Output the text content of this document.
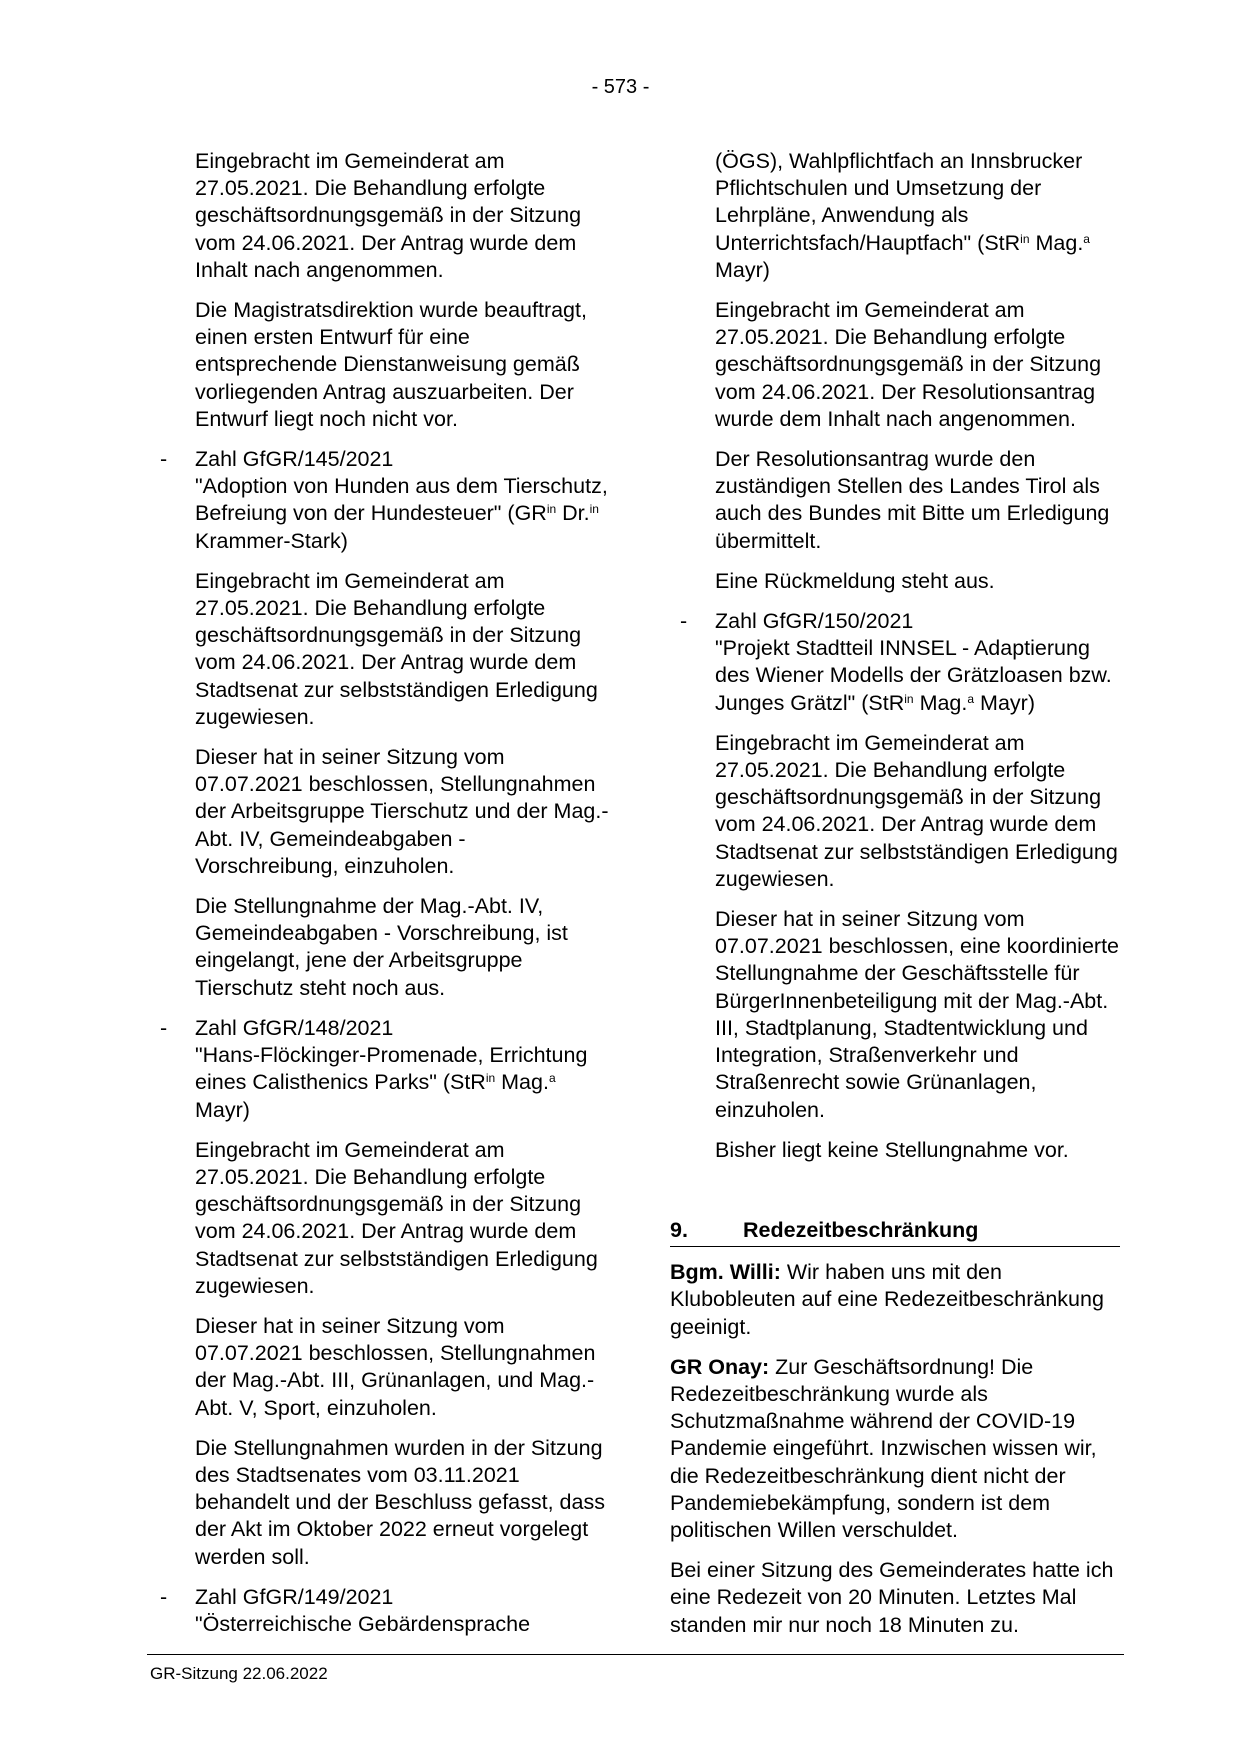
- 573 -

Eingebracht im Gemeinderat am 27.05.2021. Die Behandlung erfolgte geschäftsordnungsgemäß in der Sitzung vom 24.06.2021. Der Antrag wurde dem Inhalt nach angenommen.

Die Magistratsdirektion wurde beauftragt, einen ersten Entwurf für eine entsprechende Dienstanweisung gemäß vorliegenden Antrag auszuarbeiten. Der Entwurf liegt noch nicht vor.

- Zahl GfGR/145/2021

"Adoption von Hunden aus dem Tierschutz, Befreiung von der Hundesteuer" ($GR^{in}$ Dr.$^{in}$ Krammer-Stark)

Eingebracht im Gemeinderat am 27.05.2021. Die Behandlung erfolgte geschäftsordnungsgemäß in der Sitzung vom 24.06.2021. Der Antrag wurde dem Stadtsenat zur selbstständigen Erledigung zugewiesen.

Dieser hat in seiner Sitzung vom 07.07.2021 beschlossen, Stellungnahmen der Arbeitsgruppe Tierschutz und der Mag.-Abt. IV, Gemeindeabgaben - Vorschreibung, einzuholen.

Die Stellungnahme der Mag.-Abt. IV, Gemeindeabgaben - Vorschreibung, ist eingelangt, jene der Arbeitsgruppe Tierschutz steht noch aus.

- Zahl GfGR/148/2021

"Hans-Flöckinger-Promenade, Errichtung eines Calisthenics Parks" (StR$^{in}$ Mag.$^a$ Mayr)

Eingebracht im Gemeinderat am 27.05.2021. Die Behandlung erfolgte geschäftsordnungsgemäß in der Sitzung vom 24.06.2021. Der Antrag wurde dem Stadtsenat zur selbstständigen Erledigung zugewiesen.

Dieser hat in seiner Sitzung vom 07.07.2021 beschlossen, Stellungnahmen der Mag.-Abt. III, Grünanlagen, und Mag.-Abt. V, Sport, einzuholen.

Die Stellungnahmen wurden in der Sitzung des Stadtsenates vom 03.11.2021 behandelt und der Beschluss gefasst, dass der Akt im Oktober 2022 erneut vorgelegt werden soll.

- Zahl GfGR/149/2021
"Österreichische Gebärdensprache

(ÖGS), Wahlpflichtfach an Innsbrucker Pflichtschulen und Umsetzung der Lehrpläne, Anwendung als Unterrichtsfach/Hauptfach" (StR$^{in}$ Mag.$^a$ Mayr)

Eingebracht im Gemeinderat am 27.05.2021. Die Behandlung erfolgte geschäftsordnungsgemäß in der Sitzung vom 24.06.2021. Der Resolutionsantrag wurde dem Inhalt nach angenommen.

Der Resolutionsantrag wurde den zuständigen Stellen des Landes Tirol als auch des Bundes mit Bitte um Erledigung übermittelt.

Eine Rückmeldung steht aus.

- Zahl GfGR/150/2021

"Projekt Stadtteil INNSEL - Adaptierung des Wiener Modells der Grätzloasen bzw. Junges Grätzl" (StR$^{in}$ Mag.$^a$ Mayr)

Eingebracht im Gemeinderat am 27.05.2021. Die Behandlung erfolgte geschäftsordnungsgemäß in der Sitzung vom 24.06.2021. Der Antrag wurde dem Stadtsenat zur selbstständigen Erledigung zugewiesen.

Dieser hat in seiner Sitzung vom 07.07.2021 beschlossen, eine koordinierte Stellungnahme der Geschäftsstelle für BürgerInnenbeteiligung mit der Mag.-Abt. III, Stadtplanung, Stadtentwicklung und Integration, Straßenverkehr und Straßenrecht sowie Grünanlagen, einzuholen.

Bisher liegt keine Stellungnahme vor.

9.	Redezeitbeschränkung

Bgm. Willi: Wir haben uns mit den Klubobleuten auf eine Redezeitbeschränkung geeinigt.

GR Onay: Zur Geschäftsordnung! Die Redezeitbeschränkung wurde als Schutzmaßnahme während der COVID-19 Pandemie eingeführt. Inzwischen wissen wir, die Redezeitbeschränkung dient nicht der Pandemiebekämpfung, sondern ist dem politischen Willen verschuldet.

Bei einer Sitzung des Gemeinderates hatte ich eine Redezeit von 20 Minuten. Letztes Mal standen mir nur noch 18 Minuten zu.

GR-Sitzung 22.06.2022
